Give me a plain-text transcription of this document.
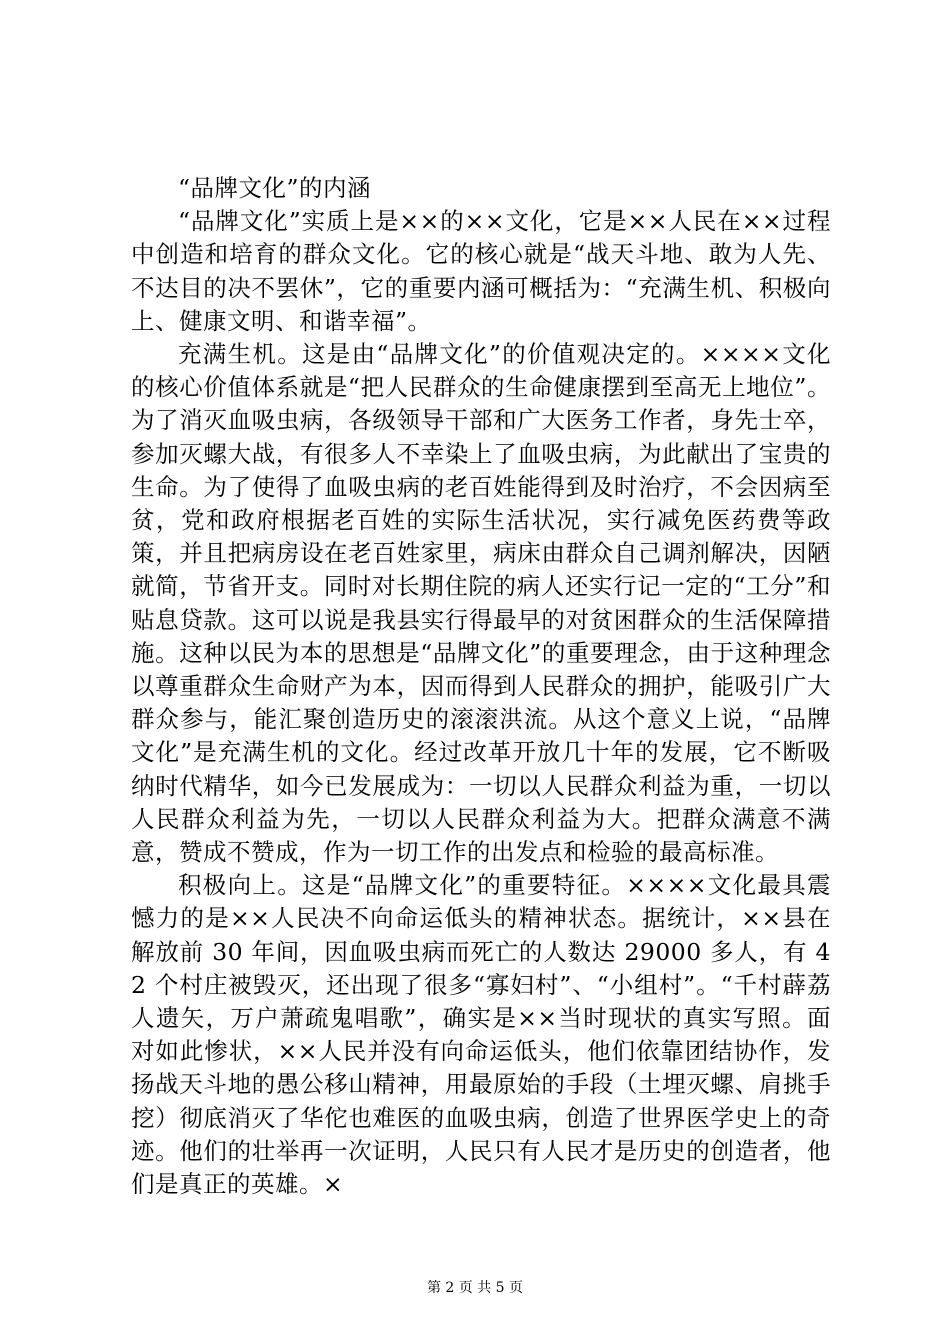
“品牌文化”的内涵

“品牌文化”实质上是××的××文化，它是××人民在××过程中创造和培育的群众文化。它的核心就是“战天斗地、敢为人先、不达目的决不罢休”，它的重要内涵可概括为：“充满生机、积极向上、健康文明、和谐幸福”。

充满生机。这是由“品牌文化”的价值观决定的。××××文化的核心价值体系就是“把人民群众的生命健康摆到至高无上地位”。为了消灭血吸虫病，各级领导干部和广大医务工作者，身先士卒，参加灭螺大战，有很多人不幸染上了血吸虫病，为此献出了宝贵的生命。为了使得了血吸虫病的老百姓能得到及时治疗，不会因病至贫，党和政府根据老百姓的实际生活状况，实行减免医药费等政策，并且把病房设在老百姓家里，病床由群众自己调剂解决，因陋就简，节省开支。同时对长期住院的病人还实行记一定的“工分”和贴息贷款。这可以说是我县实行得最早的对贫困群众的生活保障措施。这种以民为本的思想是“品牌文化”的重要理念，由于这种理念以尊重群众生命财产为本，因而得到人民群众的拥护，能吸引广大群众参与，能汇聚创造历史的滚滚洪流。从这个意义上说，“品牌文化”是充满生机的文化。经过改革开放几十年的发展，它不断吸纳时代精华，如今已发展成为：一切以人民群众利益为重，一切以人民群众利益为先，一切以人民群众利益为大。把群众满意不满意，赞成不赞成，作为一切工作的出发点和检验的最高标准。

积极向上。这是“品牌文化”的重要特征。××××文化最具震憾力的是××人民决不向命运低头的精神状态。据统计，××县在解放前 30 年间，因血吸虫病而死亡的人数达 29000 多人，有 42 个村庄被毁灭，还出现了很多“寡妇村”、“小组村”。“千村薜荔人遗矢，万户萧疏鬼唱歌”，确实是××当时现状的真实写照。面对如此惨状，××人民并没有向命运低头，他们依靠团结协作，发扬战天斗地的愚公移山精神，用最原始的手段（土埋灭螺、肩挑手挖）彻底消灭了华佗也难医的血吸虫病，创造了世界医学史上的奇迹。他们的壮举再一次证明，人民只有人民才是历史的创造者，他们是真正的英雄。×

第 2 页 共 5 页
